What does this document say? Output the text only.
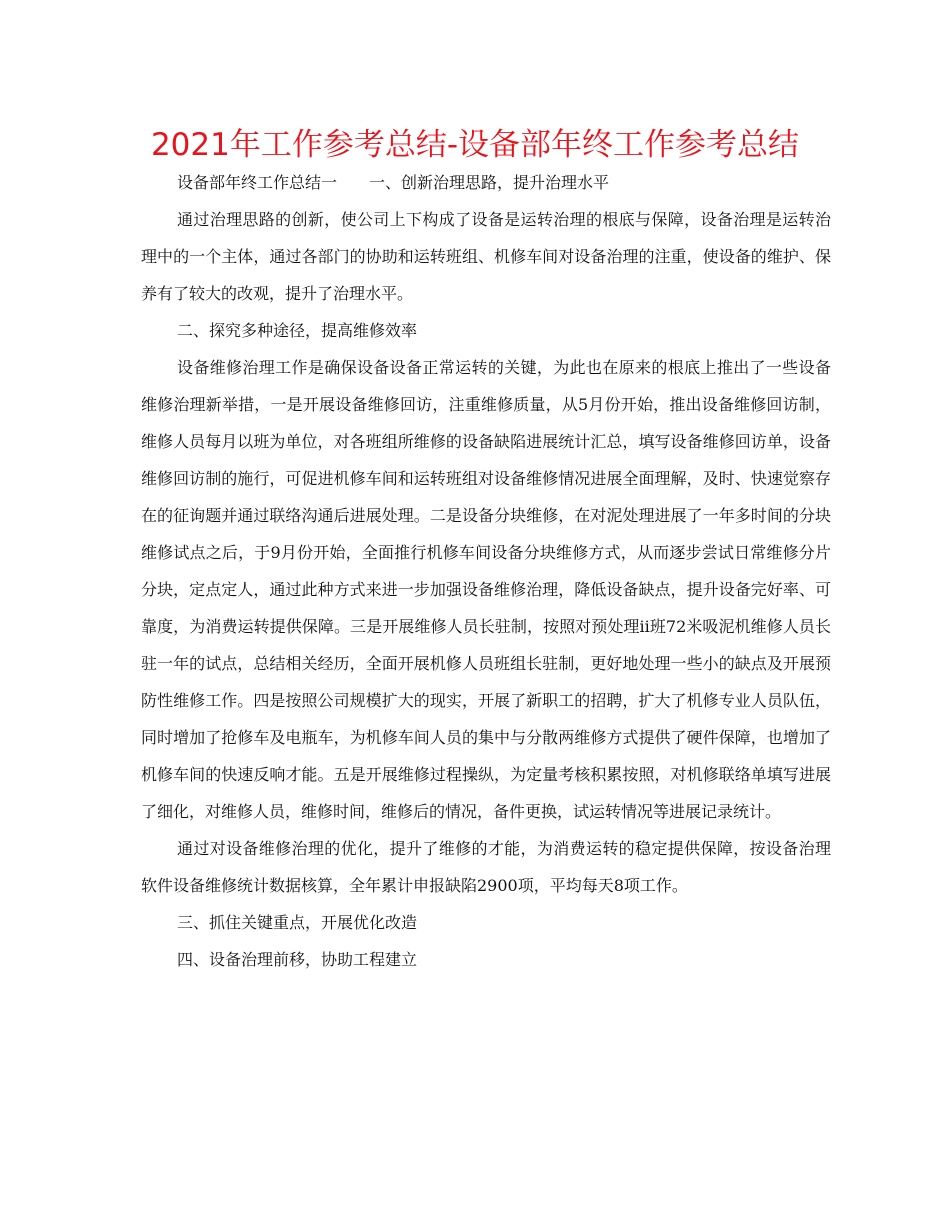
2021年工作参考总结-设备部年终工作参考总结

设备部年终工作总结一　　一、创新治理思路，提升治理水平

通过治理思路的创新，使公司上下构成了设备是运转治理的根底与保障，设备治理是运转治理中的一个主体，通过各部门的协助和运转班组、机修车间对设备治理的注重，使设备的维护、保养有了较大的改观，提升了治理水平。

二、探究多种途径，提高维修效率

设备维修治理工作是确保设备设备正常运转的关键，为此也在原来的根底上推出了一些设备维修治理新举措，一是开展设备维修回访，注重维修质量，从5月份开始，推出设备维修回访制，维修人员每月以班为单位，对各班组所维修的设备缺陷进展统计汇总，填写设备维修回访单，设备维修回访制的施行，可促进机修车间和运转班组对设备维修情况进展全面理解，及时、快速觉察存在的征询题并通过联络沟通后进展处理。二是设备分块维修，在对泥处理进展了一年多时间的分块维修试点之后，于9月份开始，全面推行机修车间设备分块维修方式，从而逐步尝试日常维修分片分块，定点定人，通过此种方式来进一步加强设备维修治理，降低设备缺点，提升设备完好率、可靠度，为消费运转提供保障。三是开展维修人员长驻制，按照对预处理ii班72米吸泥机维修人员长驻一年的试点，总结相关经历，全面开展机修人员班组长驻制，更好地处理一些小的缺点及开展预防性维修工作。四是按照公司规模扩大的现实，开展了新职工的招聘，扩大了机修专业人员队伍，同时增加了抢修车及电瓶车，为机修车间人员的集中与分散两维修方式提供了硬件保障，也增加了机修车间的快速反响才能。五是开展维修过程操纵，为定量考核积累按照，对机修联络单填写进展了细化，对维修人员，维修时间，维修后的情况，备件更换，试运转情况等进展记录统计。

通过对设备维修治理的优化，提升了维修的才能，为消费运转的稳定提供保障，按设备治理软件设备维修统计数据核算，全年累计申报缺陷2900项，平均每天8项工作。

三、抓住关键重点，开展优化改造

四、设备治理前移，协助工程建立
